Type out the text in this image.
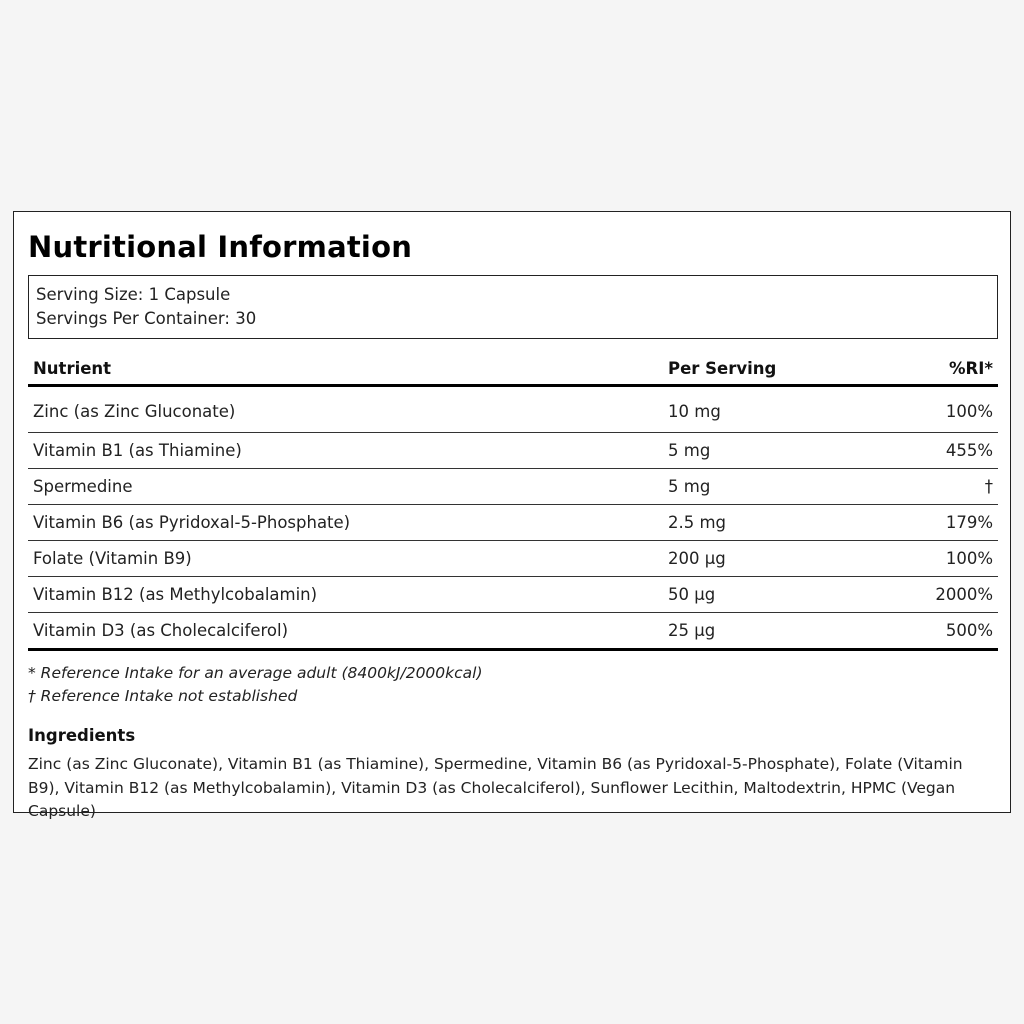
Nutritional Information
Serving Size: 1 Capsule
Servings Per Container: 30
Nutrient	Per Serving	%RI*
Zinc (as Zinc Gluconate)	10 mg	100%
Vitamin B1 (as Thiamine)	5 mg	455%
Spermedine	5 mg	†
Vitamin B6 (as Pyridoxal-5-Phosphate)	2.5 mg	179%
Folate (Vitamin B9)	200 µg	100%
Vitamin B12 (as Methylcobalamin)	50 µg	2000%
Vitamin D3 (as Cholecalciferol)	25 µg	500%
* Reference Intake for an average adult (8400kJ/2000kcal)
† Reference Intake not established
Ingredients

Zinc (as Zinc Gluconate), Vitamin B1 (as Thiamine), Spermedine, Vitamin B6 (as Pyridoxal-5-Phosphate), Folate (Vitamin B9), Vitamin B12 (as Methylcobalamin), Vitamin D3 (as Cholecalciferol), Sunflower Lecithin, Maltodextrin, HPMC (Vegan Capsule)
